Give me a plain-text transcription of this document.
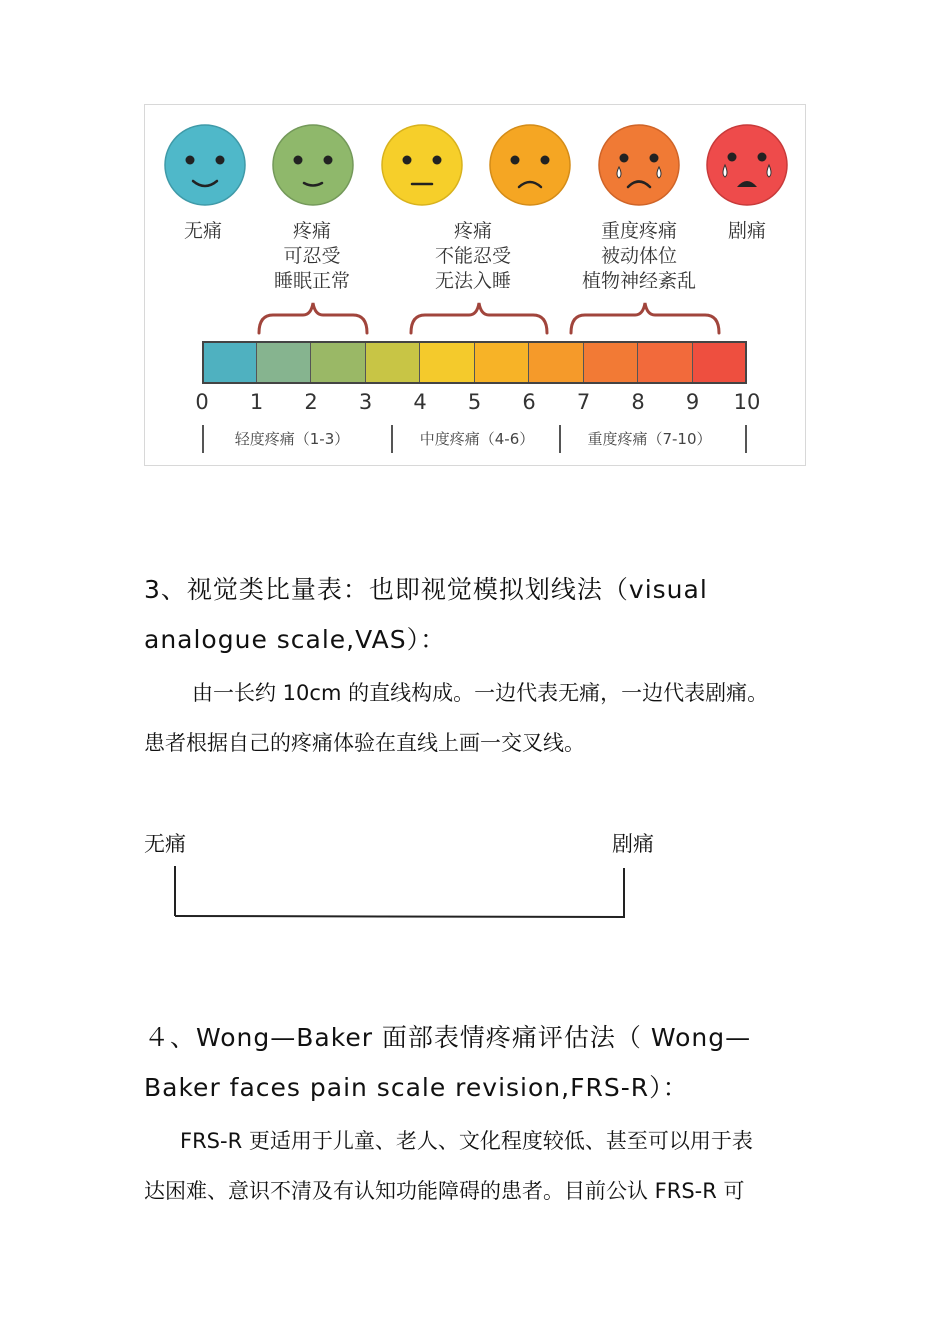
无痛	疼痛
可忍受
睡眠正常
疼痛
不能忍受
无法入睡
重度疼痛
被动体位
植物神经紊乱
剧痛
0	1	2	3	4	5	6	7	8	9	10
轻度疼痛（1-3）	中度疼痛（4-6）	重度疼痛（7-10）

3、视觉类比量表：也即视觉模拟划线法（visual

analogue scale,VAS）：

由一长约 10cm 的直线构成。一边代表无痛，一边代表剧痛。

患者根据自己的疼痛体验在直线上画一交叉线。

无痛	剧痛

４、Wong—Baker 面部表情疼痛评估法（ Wong—

Baker faces pain scale revision,FRS-R）：

FRS-R 更适用于儿童、老人、文化程度较低、甚至可以用于表

达困难、意识不清及有认知功能障碍的患者。目前公认 FRS-R 可
